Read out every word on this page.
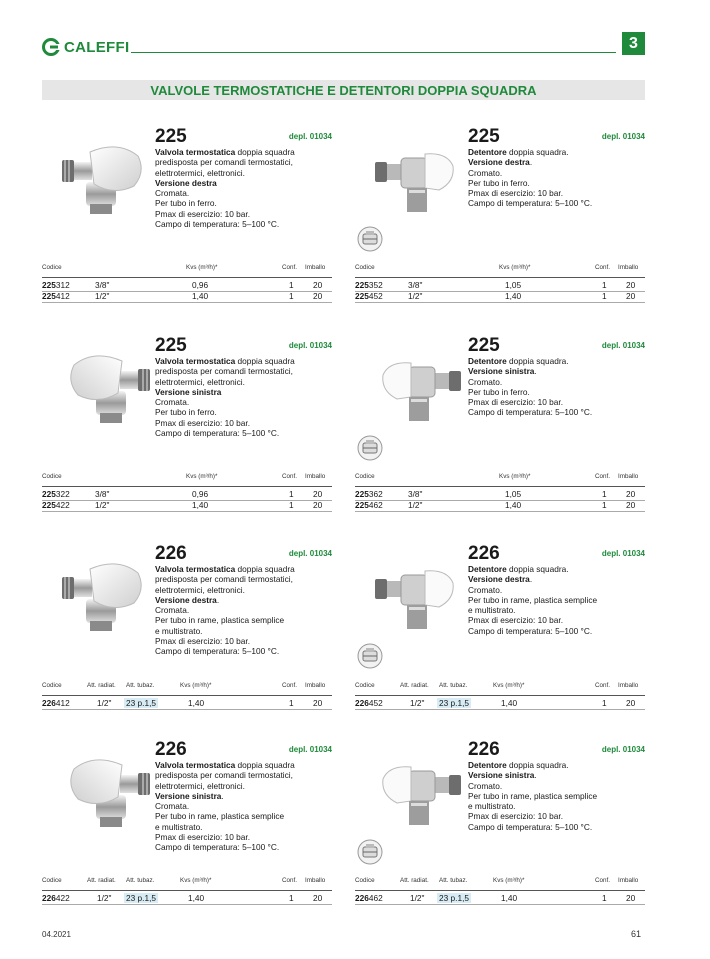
CALEFFI	3
VALVOLE TERMOSTATICHE E DETENTORI DOPPIA SQUADRA
225	depl. 01034
Valvola termostatica doppia squadra
predisposta per comandi termostatici,
elettrotermici, elettronici.
Versione destra
Cromata.
Per tubo in ferro.
Pmax di esercizio: 10 bar.
Campo di temperatura: 5–100 °C.
Codice	Kvs (m³/h)*	Conf. Imballo
225312	3/8"	0,96	1 20
225412	1/2"	1,40	1 20
225	depl. 01034
Detentore doppia squadra.
Versione destra.
Cromato.
Per tubo in ferro.
Pmax di esercizio: 10 bar.
Campo di temperatura: 5–100 °C.
Codice	Kvs (m³/h)*	Conf. Imballo
225352	3/8"	1,05	1 20
225452	1/2"	1,40	1 20
225	depl. 01034
Valvola termostatica doppia squadra
predisposta per comandi termostatici,
elettrotermici, elettronici.
Versione sinistra
Cromata.
Per tubo in ferro.
Pmax di esercizio: 10 bar.
Campo di temperatura: 5–100 °C.
Codice	Kvs (m³/h)*	Conf. Imballo
225322	3/8"	0,96	1 20
225422	1/2"	1,40	1 20
225	depl. 01034
Detentore doppia squadra.
Versione sinistra.
Cromato.
Per tubo in ferro.
Pmax di esercizio: 10 bar.
Campo di temperatura: 5–100 °C.
Codice	Kvs (m³/h)*	Conf. Imballo
225362	3/8"	1,05	1 20
225462	1/2"	1,40	1 20
226	depl. 01034
Valvola termostatica doppia squadra
predisposta per comandi termostatici,
elettrotermici, elettronici.
Versione destra.
Cromata.
Per tubo in rame, plastica semplice
e multistrato.
Pmax di esercizio: 10 bar.
Campo di temperatura: 5–100 °C.
Codice	Att. radiat. Att. tubaz.	Kvs (m³/h)*	Conf. Imballo
226412	1/2" 23 p.1,5	1,40	1 20
226	depl. 01034
Detentore doppia squadra.
Versione destra.
Cromato.
Per tubo in rame, plastica semplice
e multistrato.
Pmax di esercizio: 10 bar.
Campo di temperatura: 5–100 °C.
Codice	Att. radiat. Att. tubaz.	Kvs (m³/h)*	Conf. Imballo
226452	1/2" 23 p.1,5	1,40	1 20
226	depl. 01034
Valvola termostatica doppia squadra
predisposta per comandi termostatici,
elettrotermici, elettronici.
Versione sinistra.
Cromata.
Per tubo in rame, plastica semplice
e multistrato.
Pmax di esercizio: 10 bar.
Campo di temperatura: 5–100 °C.
Codice	Att. radiat. Att. tubaz.	Kvs (m³/h)*	Conf. Imballo
226422	1/2" 23 p.1,5	1,40	1 20
226	depl. 01034
Detentore doppia squadra.
Versione sinistra.
Cromato.
Per tubo in rame, plastica semplice
e multistrato.
Pmax di esercizio: 10 bar.
Campo di temperatura: 5–100 °C.
Codice	Att. radiat. Att. tubaz.	Kvs (m³/h)*	Conf. Imballo
226462	1/2" 23 p.1,5	1,40	1 20
04.2021	61
